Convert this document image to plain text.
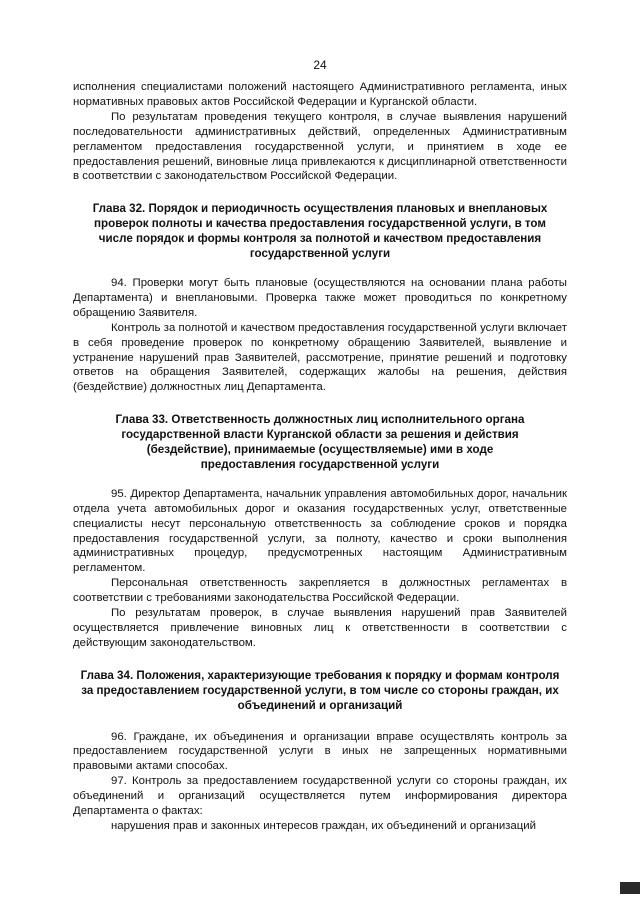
24

исполнения специалистами положений настоящего Административного регламента, иных нормативных правовых актов Российской Федерации и Курганской области.

По результатам проведения текущего контроля, в случае выявления нарушений последовательности административных действий, определенных Административным регламентом предоставления государственной услуги, и принятием в ходе ее предоставления решений, виновные лица привлекаются к дисциплинарной ответственности в соответствии с законодательством Российской Федерации.

Глава 32. Порядок и периодичность осуществления плановых и внеплановых проверок полноты и качества предоставления государственной услуги, в том числе порядок и формы контроля за полнотой и качеством предоставления государственной услуги

94. Проверки могут быть плановые (осуществляются на основании плана работы Департамента) и внеплановыми. Проверка также может проводиться по конкретному обращению Заявителя.

Контроль за полнотой и качеством предоставления государственной услуги включает в себя проведение проверок по конкретному обращению Заявителей, выявление и устранение нарушений прав Заявителей, рассмотрение, принятие решений и подготовку ответов на обращения Заявителей, содержащих жалобы на решения, действия (бездействие) должностных лиц Департамента.

Глава 33. Ответственность должностных лиц исполнительного органа государственной власти Курганской области за решения и действия (бездействие), принимаемые (осуществляемые) ими в ходе предоставления государственной услуги

95. Директор Департамента, начальник управления автомобильных дорог, начальник отдела учета автомобильных дорог и оказания государственных услуг, ответственные специалисты несут персональную ответственность за соблюдение сроков и порядка предоставления государственной услуги, за полноту, качество и сроки выполнения административных процедур, предусмотренных настоящим Административным регламентом.

Персональная ответственность закрепляется в должностных регламентах в соответствии с требованиями законодательства Российской Федерации.

По результатам проверок, в случае выявления нарушений прав Заявителей осуществляется привлечение виновных лиц к ответственности в соответствии с действующим законодательством.

Глава 34. Положения, характеризующие требования к порядку и формам контроля за предоставлением государственной услуги, в том числе со стороны граждан, их объединений и организаций

96. Граждане, их объединения и организации вправе осуществлять контроль за предоставлением государственной услуги в иных не запрещенных нормативными правовыми актами способах.

97. Контроль за предоставлением государственной услуги со стороны граждан, их объединений и организаций осуществляется путем информирования директора Департамента о фактах:

нарушения прав и законных интересов граждан, их объединений и организаций
